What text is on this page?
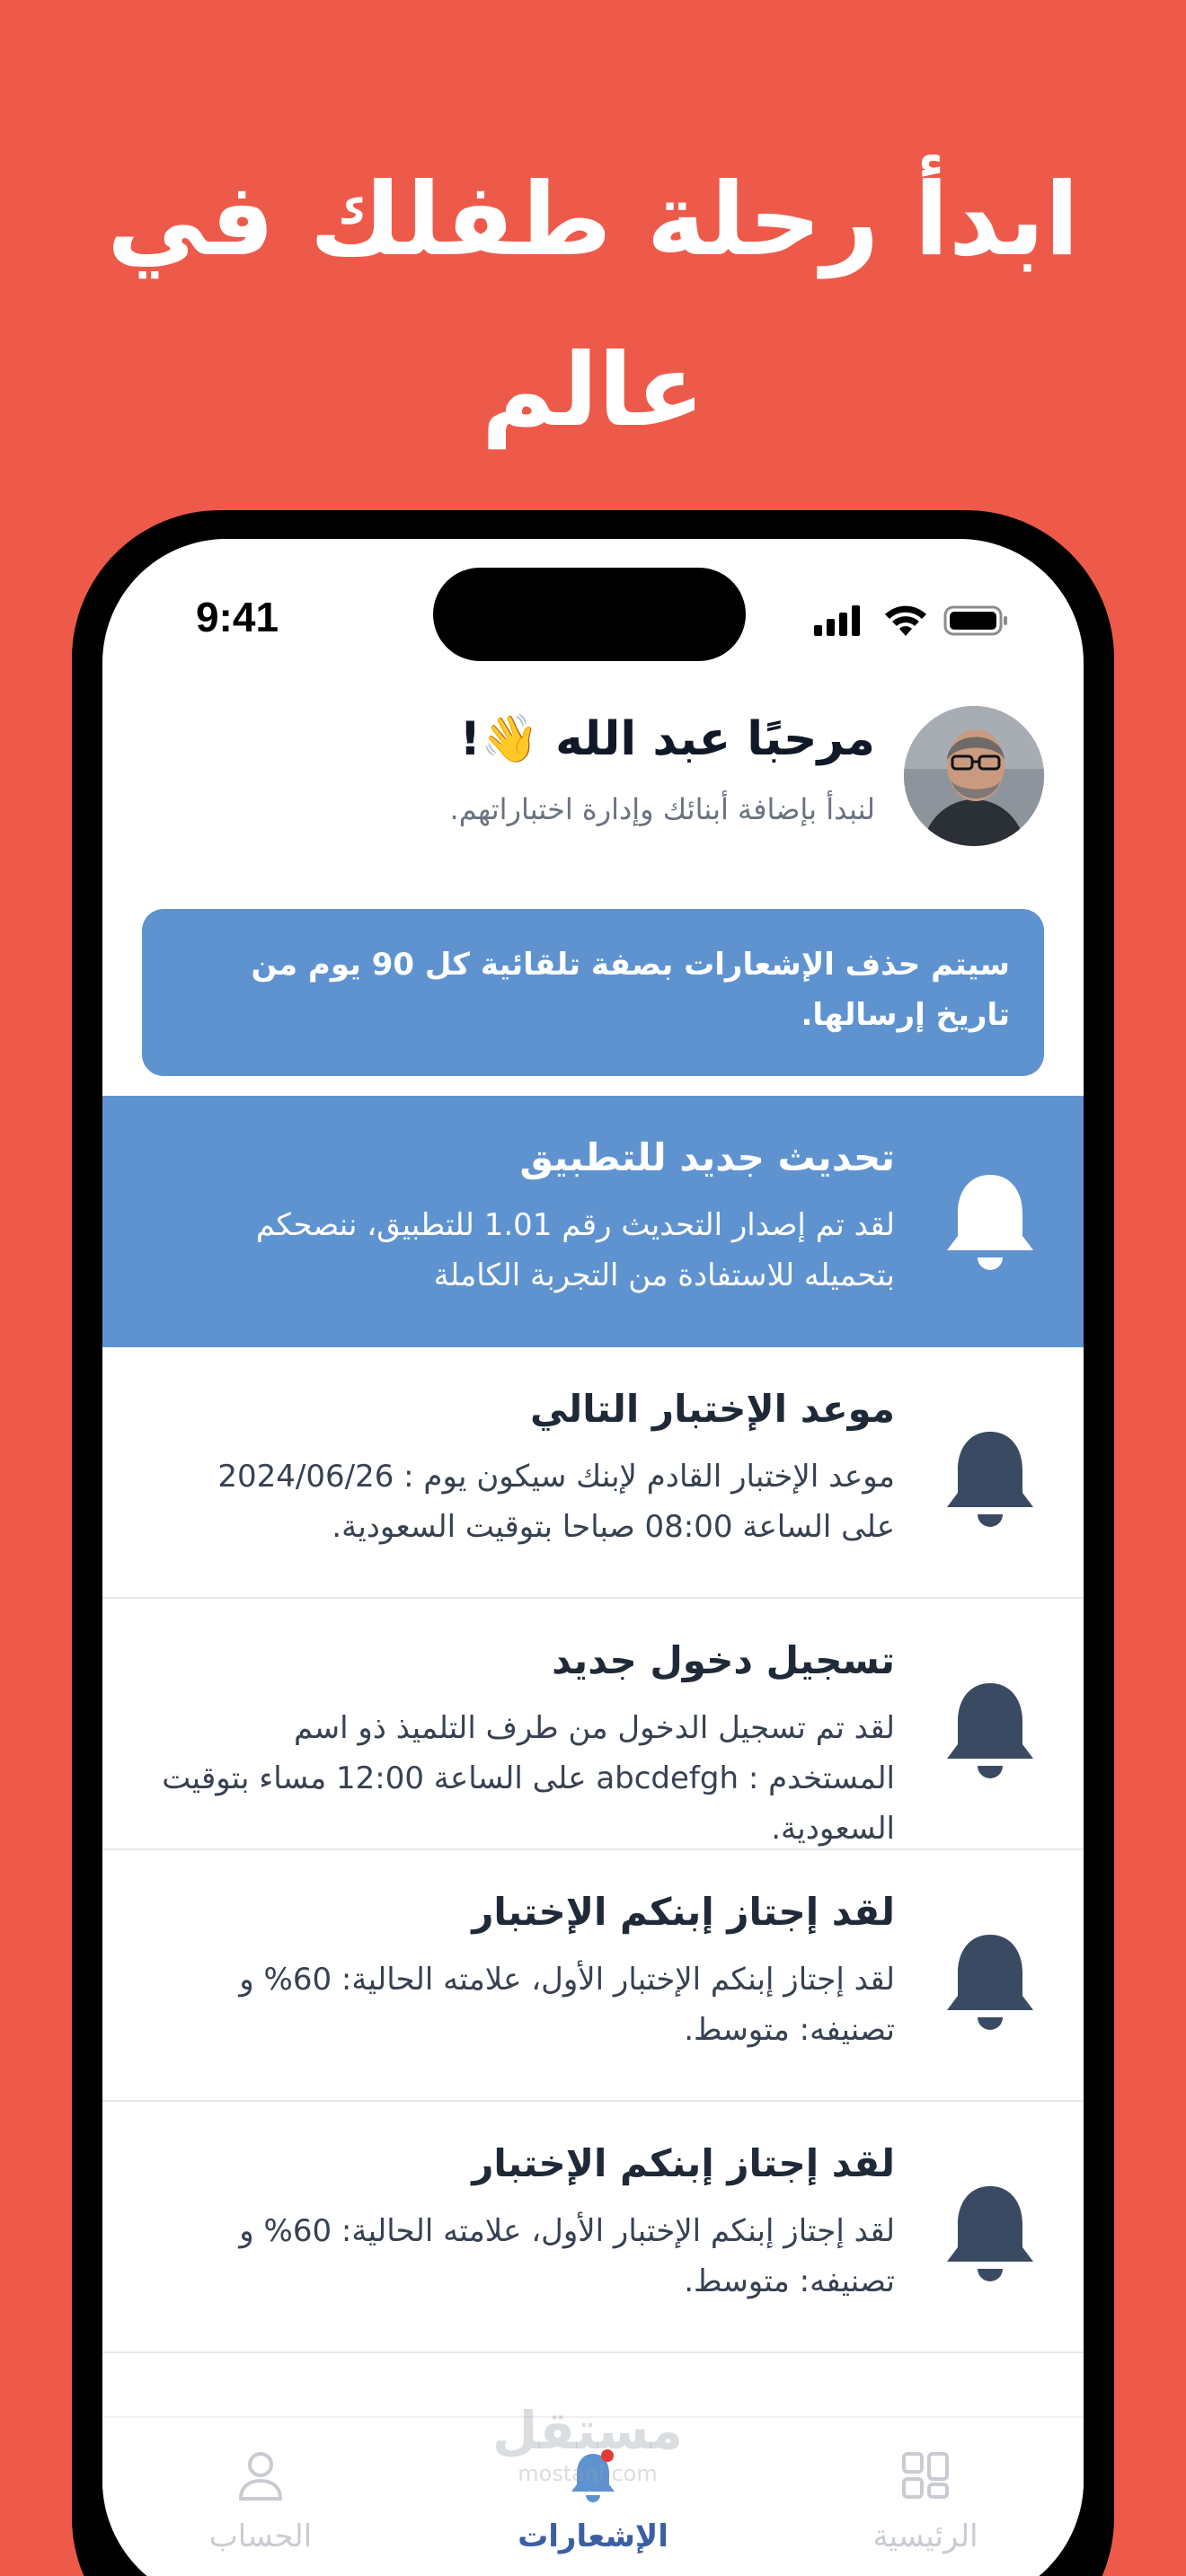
ابدأ رحلة طفلك في عالم
9:41
مرحبًا عبد الله 👋!
لنبدأ بإضافة أبنائك وإدارة اختباراتهم.
سيتم حذف الإشعارات بصفة تلقائية كل 90 يوم من تاريخ إرسالها.
تحديث جديد للتطبيق
لقد تم إصدار التحديث رقم 1.01 للتطبيق، ننصحكم بتحميله للاستفادة من التجربة الكاملة
موعد الإختبار التالي
موعد الإختبار القادم لإبنك سيكون يوم : 2024/06/26 على الساعة 08:00 صباحا بتوقيت السعودية.
تسجيل دخول جديد
لقد تم تسجيل الدخول من طرف التلميذ ذو اسم المستخدم : abcdefgh على الساعة 12:00 مساء بتوقيت السعودية.
لقد إجتاز إبنكم الإختبار
لقد إجتاز إبنكم الإختبار الأول، علامته الحالية: 60% و تصنيفه: متوسط.
لقد إجتاز إبنكم الإختبار
لقد إجتاز إبنكم الإختبار الأول، علامته الحالية: 60% و تصنيفه: متوسط.
الحساب	الإشعارات	الرئيسية
مستقل
mostaql.com
